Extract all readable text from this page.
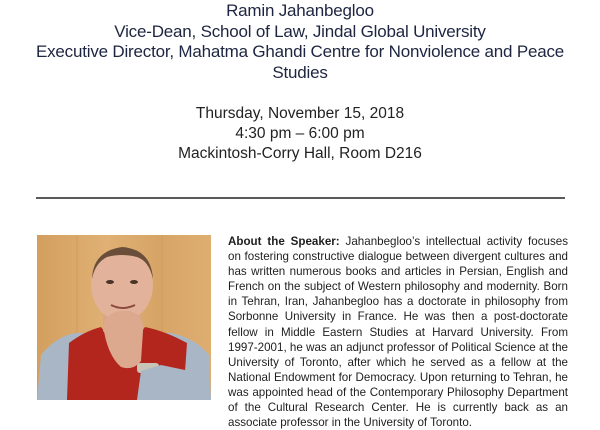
Ramin Jahanbegloo
Vice-Dean, School of Law, Jindal Global University
Executive Director, Mahatma Ghandi Centre for Nonviolence and Peace
Studies
Thursday, November 15, 2018
4:30 pm – 6:00 pm
Mackintosh-Corry Hall, Room D216
About the Speaker: Jahanbegloo’s intellectual activity focuses on fostering constructive dialogue between divergent cultures and has written numerous books and articles in Persian, English and French on the subject of Western philosophy and modernity. Born in Tehran, Iran, Jahanbegloo has a doctorate in philosophy from Sorbonne University in France. He was then a post-doctorate fellow in Middle Eastern Studies at Harvard University. From 1997-2001, he was an adjunct professor of Political Science at the University of Toronto, after which he served as a fellow at the National Endowment for Democracy. Upon returning to Tehran, he was appointed head of the Contemporary Philosophy Department of the Cultural Research Center. He is currently back as an associate professor in the University of Toronto.
